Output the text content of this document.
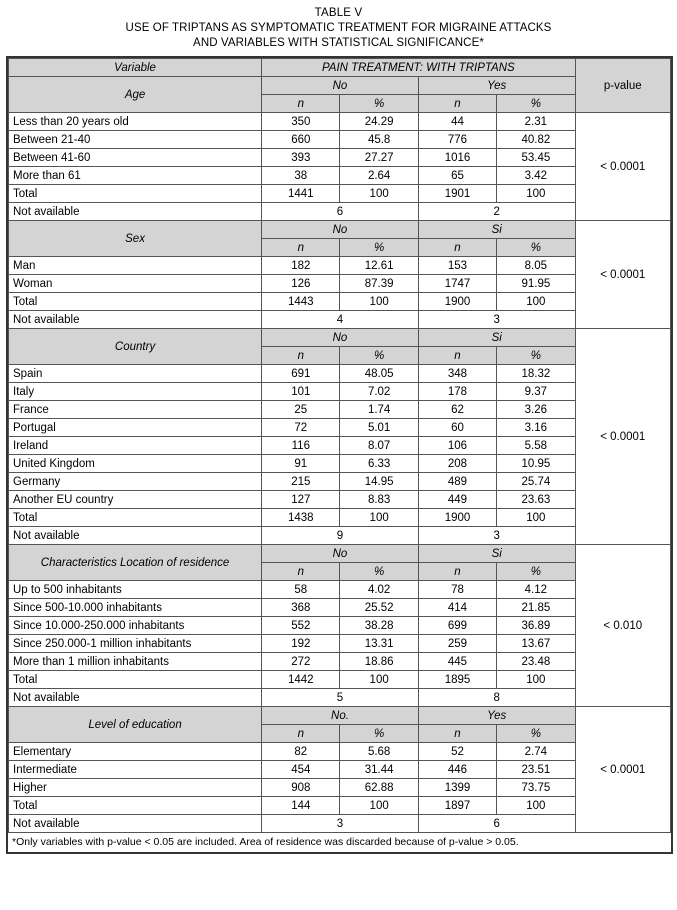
TABLE V
USE OF TRIPTANS AS SYMPTOMATIC TREATMENT FOR MIGRAINE ATTACKS
AND VARIABLES WITH STATISTICAL SIGNIFICANCE*
Variable	PAIN TREATMENT: WITH TRIPTANS				p-value
Age	No		Yes		
	n	%	n	%	
Less than 20 years old	350	24.29	44	2.31	< 0.0001
Between 21-40	660	45.8	776	40.82	
Between 41-60	393	27.27	1016	53.45	
More than 61	38	2.64	65	3.42	
Total	1441	100	1901	100	
Not available	6		2		
Sex	No		Si		< 0.0001
	n	%	n	%	
Man	182	12.61	153	8.05	
Woman	126	87.39	1747	91.95	
Total	1443	100	1900	100	
Not available	4		3		
Country	No		Si		< 0.0001
	n	%	n	%	
Spain	691	48.05	348	18.32	
Italy	101	7.02	178	9.37	
France	25	1.74	62	3.26	
Portugal	72	5.01	60	3.16	
Ireland	116	8.07	106	5.58	
United Kingdom	91	6.33	208	10.95	
Germany	215	14.95	489	25.74	
Another EU country	127	8.83	449	23.63	
Total	1438	100	1900	100	
Not available	9		3		
Characteristics Location of residence	No		Si		< 0.010
	n	%	n	%	
Up to 500 inhabitants	58	4.02	78	4.12	
Since 500-10.000 inhabitants	368	25.52	414	21.85	
Since 10.000-250.000 inhabitants	552	38.28	699	36.89	
Since 250.000-1 million inhabitants	192	13.31	259	13.67	
More than 1 million inhabitants	272	18.86	445	23.48	
Total	1442	100	1895	100	
Not available	5		8		
Level of education	No.		Yes		< 0.0001
	n	%	n	%	
Elementary	82	5.68	52	2.74	
Intermediate	454	31.44	446	23.51	
Higher	908	62.88	1399	73.75	
Total	144	100	1897	100	
Not available	3		6		
*Only variables with p-value < 0.05 are included. Area of residence was discarded because of p-value > 0.05.
